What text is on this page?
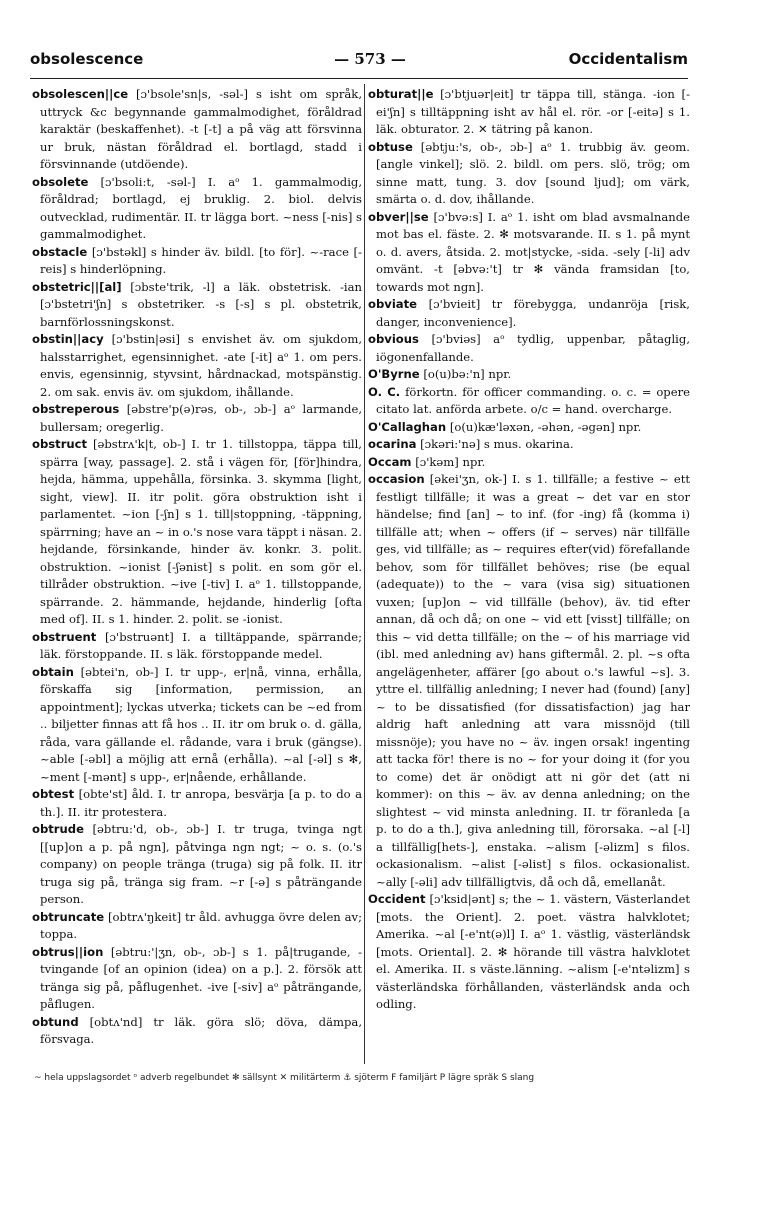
obsolescence	— 573 —	Occidentalism

obsolescen||ce [ɔ'bsole'sn|s, -səl-] s isht om språk, uttryck &c begynnande gammalmodighet, föråldrad karaktär (beskaffenhet). -t [-t] a på väg att försvinna ur bruk, nästan föråldrad el. bortlagd, stadd i försvinnande (utdöende).

obsolete [ɔ'bsoli:t, -səl-] I. aᵒ 1. gammalmodig, föråldrad; bortlagd, ej bruklig. 2. biol. delvis outvecklad, rudimentär. II. tr lägga bort. ~ness [-nis] s gammalmodighet.

obstacle [ɔ'bstəkl] s hinder äv. bildl. [to för]. ~-race [-reis] s hinderlöpning.

obstetric||[al] [ɔbste'trik, -l] a läk. obstetrisk. -ian [ɔ'bstetri'ʃn] s obstetriker. -s [-s] s pl. obstetrik, barnförlossningskonst.

obstin||acy [ɔ'bstin|əsi] s envishet äv. om sjukdom, halsstarrighet, egensinnighet. -ate [-it] aᵒ 1. om pers. envis, egensinnig, styvsint, hårdnackad, motspänstig. 2. om sak. envis äv. om sjukdom, ihållande.

obstreperous [əbstre'p(ə)rəs, ob-, ɔb-] aᵒ larmande, bullersam; oregerlig.

obstruct [əbstrʌ'k|t, ob-] I. tr 1. tillstoppa, täppa till, spärra [way, passage]. 2. stå i vägen för, [för]hindra, hejda, hämma, uppehålla, försinka. 3. skymma [light, sight, view]. II. itr polit. göra obstruktion isht i parlamentet. ~ion [-ʃn] s 1. till|stoppning, -täppning, spärrning; have an ~ in o.'s nose vara täppt i näsan. 2. hejdande, försinkande, hinder äv. konkr. 3. polit. obstruktion. ~ionist [-ʃənist] s polit. en som gör el. tillråder obstruktion. ~ive [-tiv] I. aᵒ 1. tillstoppande, spärrande. 2. hämmande, hejdande, hinderlig [ofta med of]. II. s 1. hinder. 2. polit. se -ionist.

obstruent [ɔ'bstruənt] I. a tilltäppande, spärrande; läk. förstoppande. II. s läk. förstoppande medel.

obtain [əbtei'n, ob-] I. tr upp-, er|nå, vinna, erhålla, förskaffa sig [information, permission, an appointment]; lyckas utverka; tickets can be ~ed from .. biljetter finnas att få hos .. II. itr om bruk o. d. gälla, råda, vara gällande el. rådande, vara i bruk (gängse). ~able [-əbl] a möjlig att ernå (erhålla). ~al [-əl] s ✻, ~ment [-mənt] s upp-, er|nående, erhållande.

obtest [obte'st] åld. I. tr anropa, besvärja [a p. to do a th.]. II. itr protestera.

obtrude [əbtru:'d, ob-, ɔb-] I. tr truga, tvinga ngt [[up]on a p. på ngn], påtvinga ngn ngt; ~ o. s. (o.'s company) on people tränga (truga) sig på folk. II. itr truga sig på, tränga sig fram. ~r [-ə] s påträngande person.

obtruncate [obtrʌ'ŋkeit] tr åld. avhugga övre delen av; toppa.

obtrus||ion [əbtru:'|ʒn, ob-, ɔb-] s 1. på|trugande, -tvingande [of an opinion (idea) on a p.]. 2. försök att tränga sig på, påflugenhet. -ive [-siv] aᵒ påträngande, påflugen.

obtund [obtʌ'nd] tr läk. göra slö; döva, dämpa, försvaga.

obturat||e [ɔ'btjuər|eit] tr täppa till, stänga. -ion [-ei'ʃn] s tilltäppning isht av hål el. rör. -or [-eitə] s 1. läk. obturator. 2. ✕ tätring på kanon.

obtuse [əbtju:'s, ob-, ɔb-] aᵒ 1. trubbig äv. geom. [angle vinkel]; slö. 2. bildl. om pers. slö, trög; om sinne matt, tung. 3. dov [sound ljud]; om värk, smärta o. d. dov, ihållande.

obver||se [ɔ'bvə:s] I. aᵒ 1. isht om blad avsmalnande mot bas el. fäste. 2. ✻ motsvarande. II. s 1. på mynt o. d. avers, åtsida. 2. mot|stycke, -sida. -sely [-li] adv omvänt. -t [əbvə:'t] tr ✻ vända framsidan [to, towards mot ngn].

obviate [ɔ'bvieit] tr förebygga, undanröja [risk, danger, inconvenience].

obvious [ɔ'bviəs] aᵒ tydlig, uppenbar, påtaglig, iögonenfallande.

O'Byrne [o(u)bə:'n] npr.

O. C. förkortn. för officer commanding. o. c. = opere citato lat. anförda arbete. o/c = hand. overcharge.

O'Callaghan [o(u)kæ'ləxən, -əhən, -əgən] npr.

ocarina [ɔkəri:'nə] s mus. okarina.

Occam [ɔ'kəm] npr.

occasion [əkei'ʒn, ok-] I. s 1. tillfälle; a festive ~ ett festligt tillfälle; it was a great ~ det var en stor händelse; find [an] ~ to inf. (for -ing) få (komma i) tillfälle att; when ~ offers (if ~ serves) när tillfälle ges, vid tillfälle; as ~ requires efter(vid) förefallande behov, som för tillfället behöves; rise (be equal (adequate)) to the ~ vara (visa sig) situationen vuxen; [up]on ~ vid tillfälle (behov), äv. tid efter annan, då och då; on one ~ vid ett [visst] tillfälle; on this ~ vid detta tillfälle; on the ~ of his marriage vid (ibl. med anledning av) hans giftermål. 2. pl. ~s ofta angelägenheter, affärer [go about o.'s lawful ~s]. 3. yttre el. tillfällig anledning; I never had (found) [any] ~ to be dissatisfied (for dissatisfaction) jag har aldrig haft anledning att vara missnöjd (till missnöje); you have no ~ äv. ingen orsak! ingenting att tacka för! there is no ~ for your doing it (for you to come) det är onödigt att ni gör det (att ni kommer): on this ~ äv. av denna anledning; on the slightest ~ vid minsta anledning. II. tr föranleda [a p. to do a th.], giva anledning till, förorsaka. ~al [-l] a tillfällig[hets-], enstaka. ~alism [-əlizm] s filos. ockasionalism. ~alist [-əlist] s filos. ockasionalist. ~ally [-əli] adv tillfälligtvis, då och då, emellanåt.

Occident [ɔ'ksid|ənt] s; the ~ 1. västern, Västerlandet [mots. the Orient]. 2. poet. västra halvklotet; Amerika. ~al [-e'nt(ə)l] I. aᵒ 1. västlig, västerländsk [mots. Oriental]. 2. ✻ hörande till västra halvklotet el. Amerika. II. s väste.länning. ~alism [-e'ntəlizm] s västerländska förhållanden, västerländsk anda och odling.

~ hela uppslagsordet ᵒ adverb regelbundet ✻ sällsynt ✕ militärterm ⚓ sjöterm F familjärt P lägre språk S slang
